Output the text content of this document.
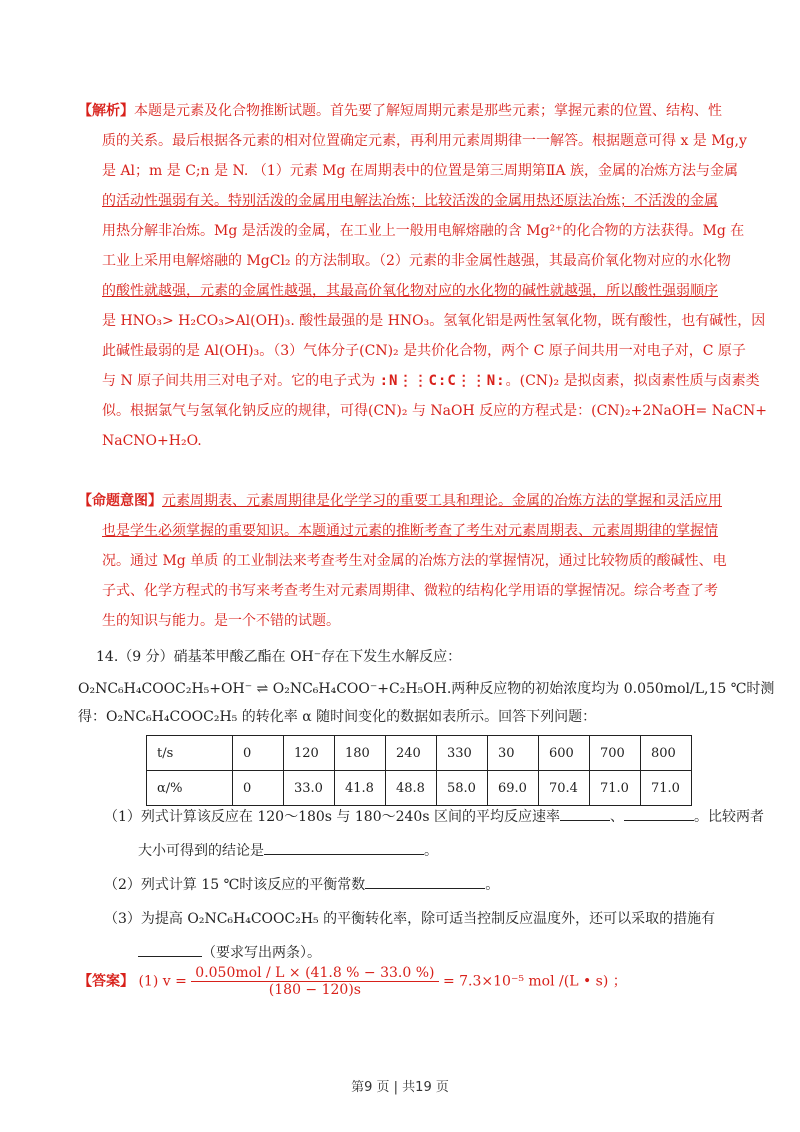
【解析】本题是元素及化合物推断试题。首先要了解短周期元素是那些元素；掌握元素的位置、结构、性
质的关系。最后根据各元素的相对位置确定元素，再利用元素周期律一一解答。根据题意可得 x 是 Mg,y
是 Al；m 是 C;n 是 N. （1）元素 Mg 在周期表中的位置是第三周期第ⅡA 族，金属的冶炼方法与金属
的活动性强弱有关。特别活泼的金属用电解法冶炼；比较活泼的金属用热还原法冶炼；不活泼的金属
用热分解非冶炼。Mg 是活泼的金属，在工业上一般用电解熔融的含 Mg²⁺的化合物的方法获得。Mg 在
工业上采用电解熔融的 MgCl₂ 的方法制取。（2）元素的非金属性越强，其最高价氧化物对应的水化物
的酸性就越强，元素的金属性越强，其最高价氧化物对应的水化物的碱性就越强，所以酸性强弱顺序
是 HNO₃> H₂CO₃>Al(OH)₃. 酸性最强的是 HNO₃。氢氧化铝是两性氢氧化物，既有酸性，也有碱性，因
此碱性最弱的是 Al(OH)₃。（3）气体分子(CN)₂ 是共价化合物，两个 C 原子间共用一对电子对，C 原子
与 N 原子间共用三对电子对。它的电子式为 :N⋮⋮C:C⋮⋮N:。(CN)₂ 是拟卤素，拟卤素性质与卤素类
似。根据氯气与氢氧化钠反应的规律，可得(CN)₂ 与 NaOH 反应的方程式是：(CN)₂+2NaOH= NaCN+
NaCNO+H₂O.
【命题意图】元素周期表、元素周期律是化学学习的重要工具和理论。金属的冶炼方法的掌握和灵活应用
也是学生必须掌握的重要知识。本题通过元素的推断考查了考生对元素周期表、元素周期律的掌握情
况。通过 Mg 单质 的工业制法来考查考生对金属的冶炼方法的掌握情况，通过比较物质的酸碱性、电
子式、化学方程式的书写来考查考生对元素周期律、微粒的结构化学用语的掌握情况。综合考查了考
生的知识与能力。是一个不错的试题。
14.（9 分）硝基苯甲酸乙酯在 OH⁻存在下发生水解反应：
O₂NC₆H₄COOC₂H₅+OH⁻ ⇌ O₂NC₆H₄COO⁻+C₂H₅OH.两种反应物的初始浓度均为 0.050mol/L,15 ℃时测
得：O₂NC₆H₄COOC₂H₅ 的转化率 α 随时间变化的数据如表所示。回答下列问题：
t/s	0	120	180	240	330	30	600	700	800
α/%	0	33.0	41.8	48.8	58.0	69.0	70.4	71.0	71.0
（1）列式计算该反应在 120～180s 与 180～240s 区间的平均反应速率	、	。比较两者
大小可得到的结论是	。
（2）列式计算 15 ℃时该反应的平衡常数	。
（3）为提高 O₂NC₆H₄COOC₂H₅ 的平衡转化率，除可适当控制反应温度外，还可以采取的措施有
（要求写出两条）。
【答案】 (1) $v = \frac{\text{0.050mol / L × (41.8 \% − 33.0 \%)}}{(180 - 120)s} = 7.3\times 10^{-5}$ mol /(L • s) ；
第9 页 | 共19 页
